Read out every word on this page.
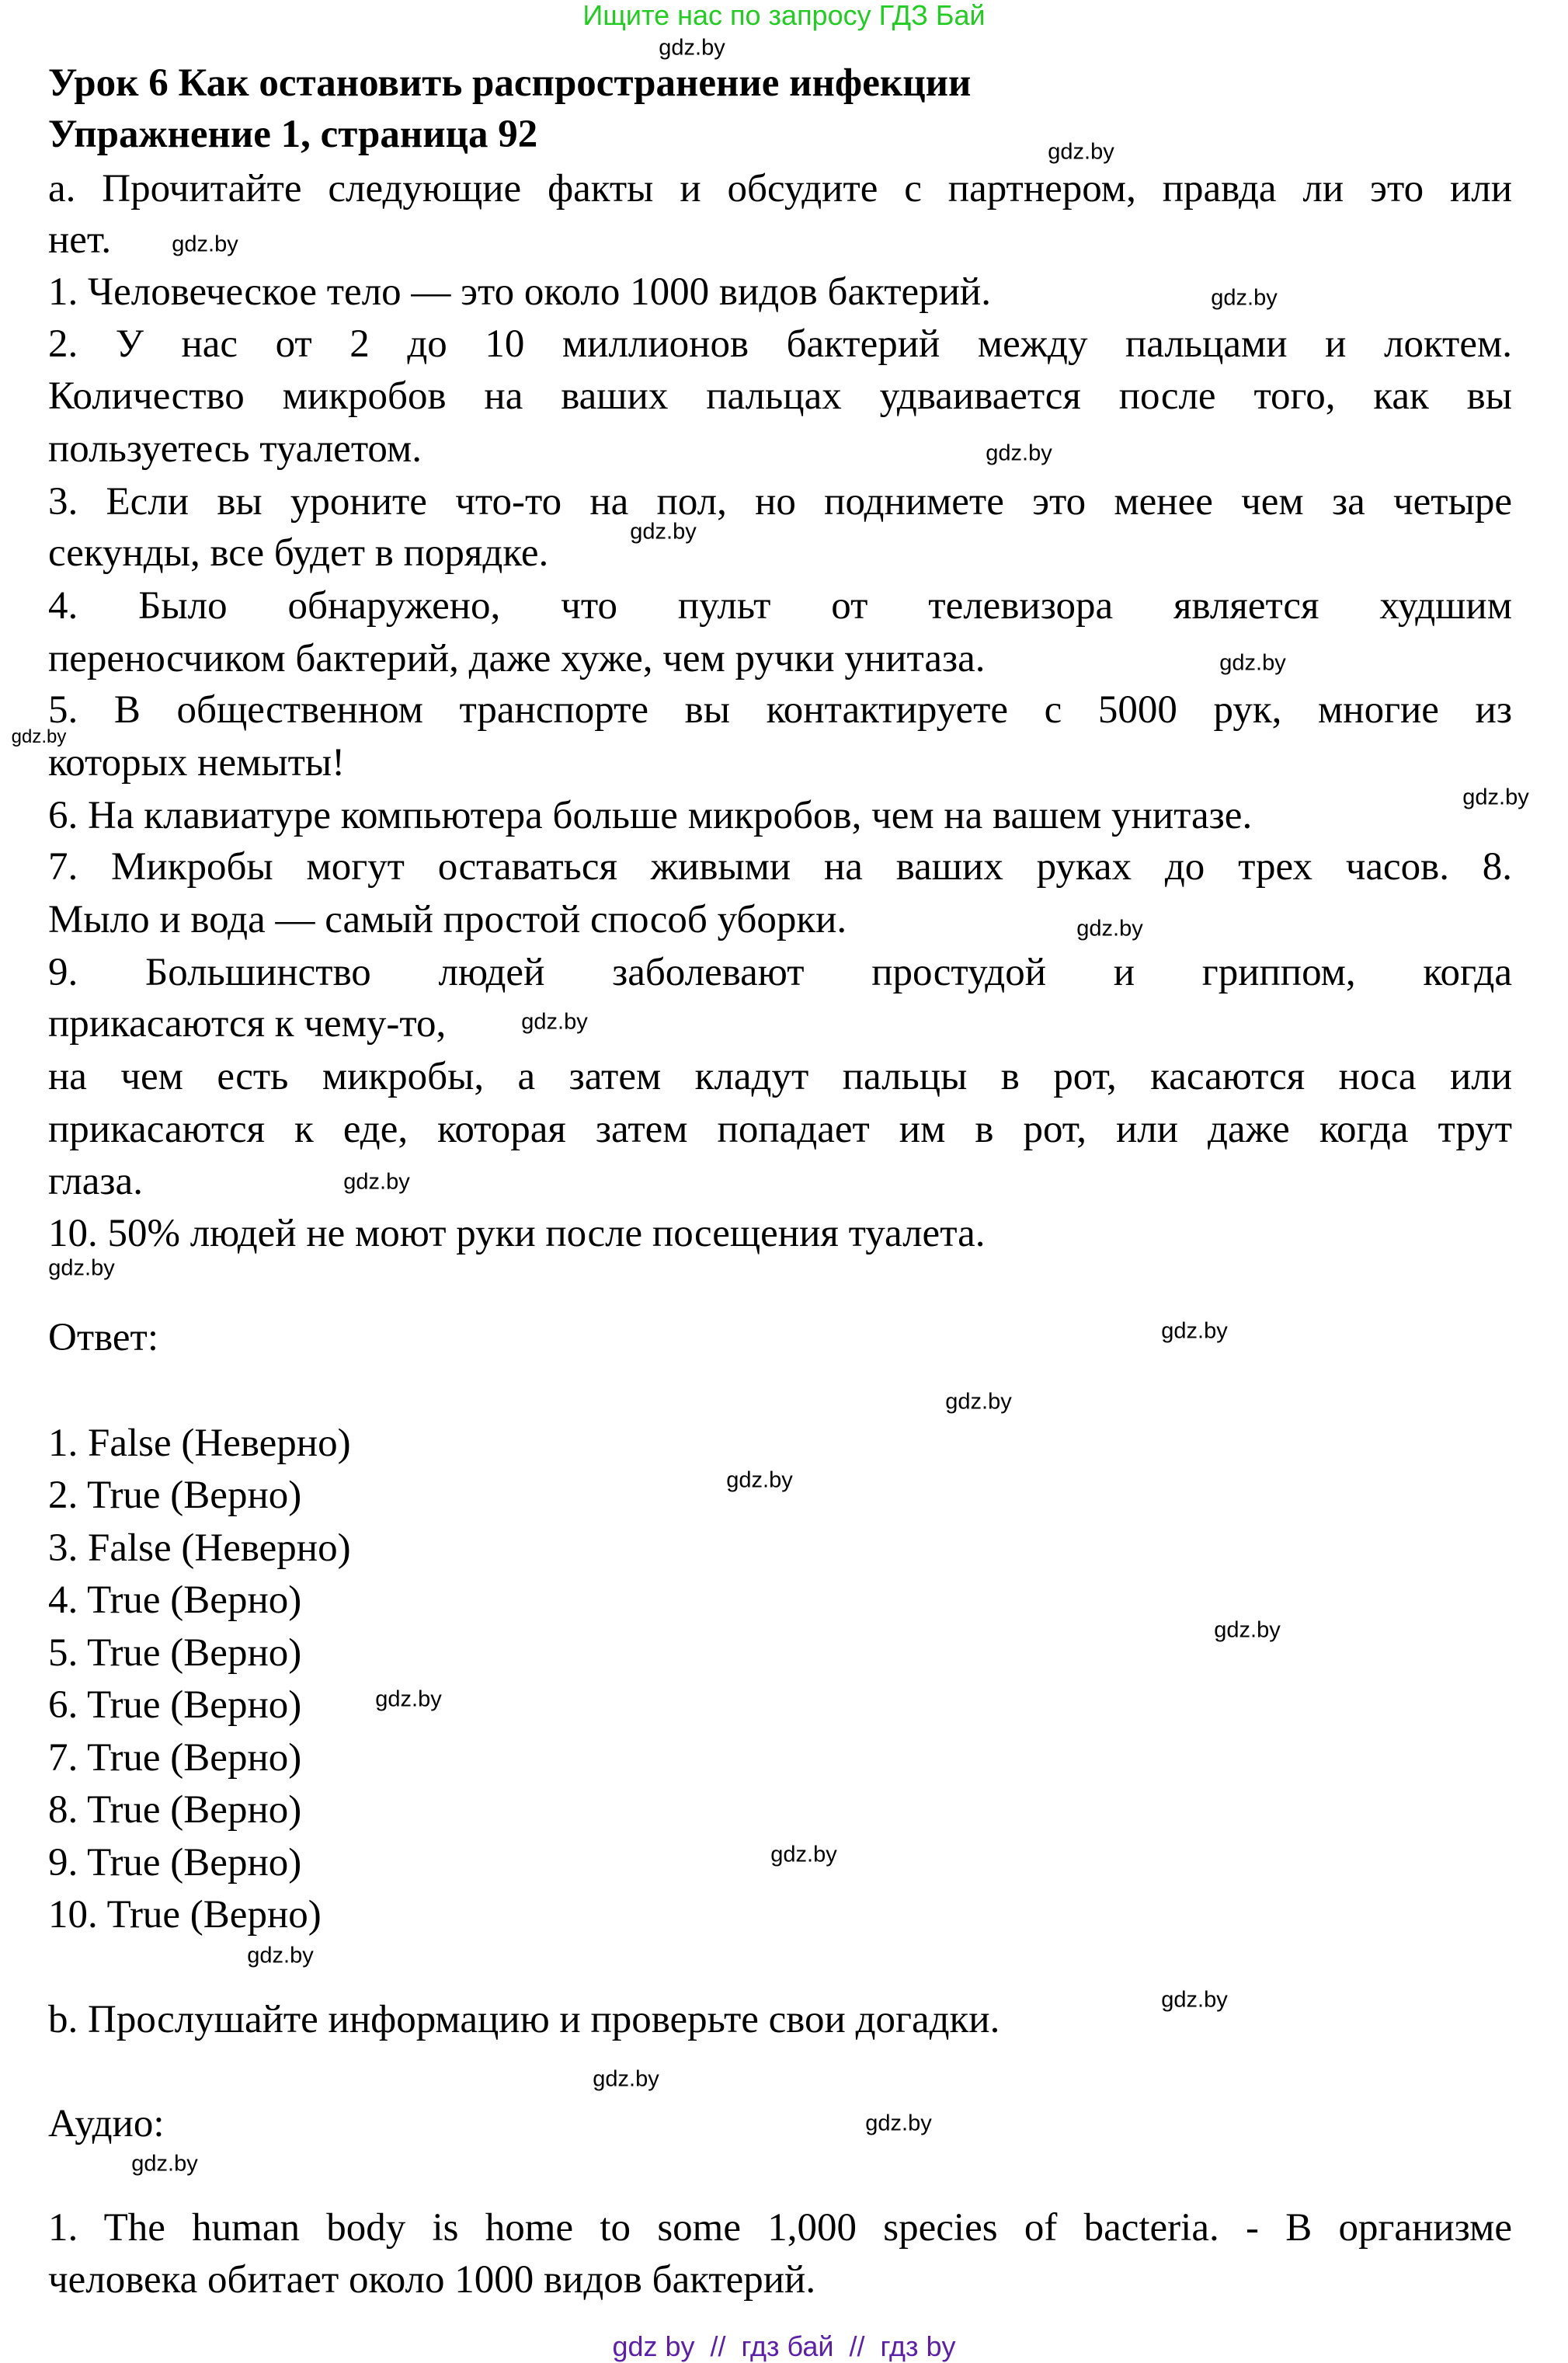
Ищите нас по запросу ГДЗ Бай
Урок 6 Как остановить распространение инфекции
Упражнение 1, страница 92
a. Прочитайте следующие факты и обсудите с партнером, правда ли это или
нет.
1. Человеческое тело — это около 1000 видов бактерий.
2. У нас от 2 до 10 миллионов бактерий между пальцами и локтем.
Количество микробов на ваших пальцах удваивается после того, как вы
пользуетесь туалетом.
3. Если вы уроните что-то на пол, но поднимете это менее чем за четыре
секунды, все будет в порядке.
4. Было обнаружено, что пульт от телевизора является худшим
переносчиком бактерий, даже хуже, чем ручки унитаза.
5. В общественном транспорте вы контактируете с 5000 рук, многие из
которых немыты!
6. На клавиатуре компьютера больше микробов, чем на вашем унитазе.
7. Микробы могут оставаться живыми на ваших руках до трех часов. 8.
Мыло и вода — самый простой способ уборки.
9. Большинство людей заболевают простудой и гриппом, когда
прикасаются к чему-то,
на чем есть микробы, а затем кладут пальцы в рот, касаются носа или
прикасаются к еде, которая затем попадает им в рот, или даже когда трут
глаза.
10. 50% людей не моют руки после посещения туалета.
Ответ:
1. False (Неверно)
2. True (Верно)
3. False (Неверно)
4. True (Верно)
5. True (Верно)
6. True (Верно)
7. True (Верно)
8. True (Верно)
9. True (Верно)
10. True (Верно)
b. Прослушайте информацию и проверьте свои догадки.
Аудио:
1. The human body is home to some 1,000 species of bacteria. - В организме
человека обитает около 1000 видов бактерий.
gdz.by
gdz.by
gdz.by
gdz.by
gdz.by
gdz.by
gdz.by
gdz.by
gdz.by
gdz.by
gdz.by
gdz.by
gdz.by
gdz.by
gdz.by
gdz.by
gdz.by
gdz.by
gdz.by
gdz.by
gdz.by
gdz.by
gdz.by
gdz.by
gdz by  //  гдз бай  //  гдз by
